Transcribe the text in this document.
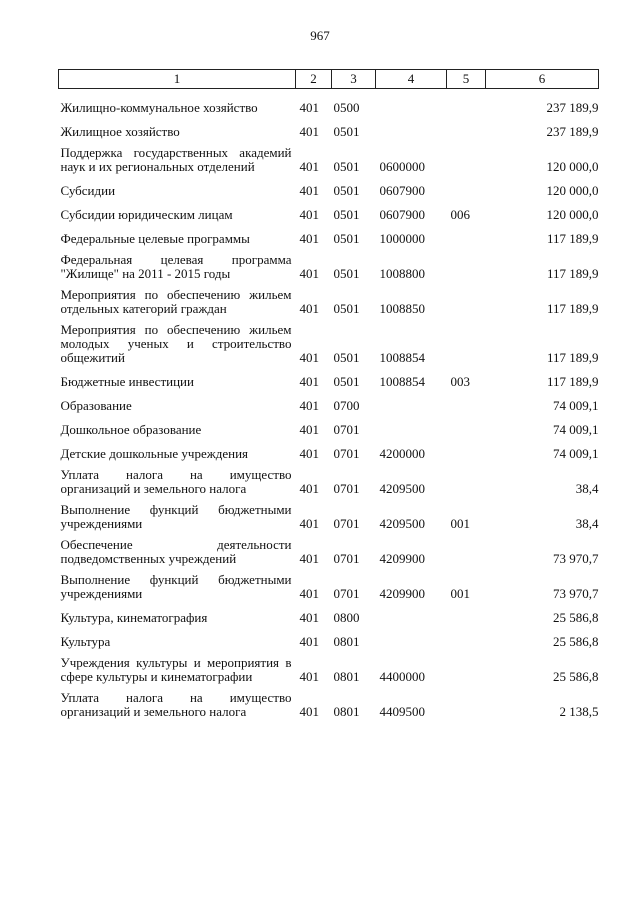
967
1	2	3	4	5	6

Жилищно-коммунальное хозяйство	401	0500			237 189,9
Жилищное хозяйство	401	0501			237 189,9
Поддержка государственных академий наук и их региональных отделений	401	0501	0600000		120 000,0
Субсидии	401	0501	0607900		120 000,0
Субсидии юридическим лицам	401	0501	0607900	006	120 000,0
Федеральные целевые программы	401	0501	1000000		117 189,9
Федеральная целевая программа "Жилище" на 2011 - 2015 годы	401	0501	1008800		117 189,9
Мероприятия по обеспечению жильем отдельных категорий граждан	401	0501	1008850		117 189,9
Мероприятия по обеспечению жильем молодых ученых и строительство общежитий	401	0501	1008854		117 189,9
Бюджетные инвестиции	401	0501	1008854	003	117 189,9
Образование	401	0700			74 009,1
Дошкольное образование	401	0701			74 009,1
Детские дошкольные учреждения	401	0701	4200000		74 009,1
Уплата налога на имущество организаций и земельного налога	401	0701	4209500		38,4
Выполнение функций бюджетными учреждениями	401	0701	4209500	001	38,4
Обеспечение деятельности подведомственных учреждений	401	0701	4209900		73 970,7
Выполнение функций бюджетными учреждениями	401	0701	4209900	001	73 970,7
Культура, кинематография	401	0800			25 586,8
Культура	401	0801			25 586,8
Учреждения культуры и мероприятия в сфере культуры и кинематографии	401	0801	4400000		25 586,8
Уплата налога на имущество организаций и земельного налога	401	0801	4409500		2 138,5
